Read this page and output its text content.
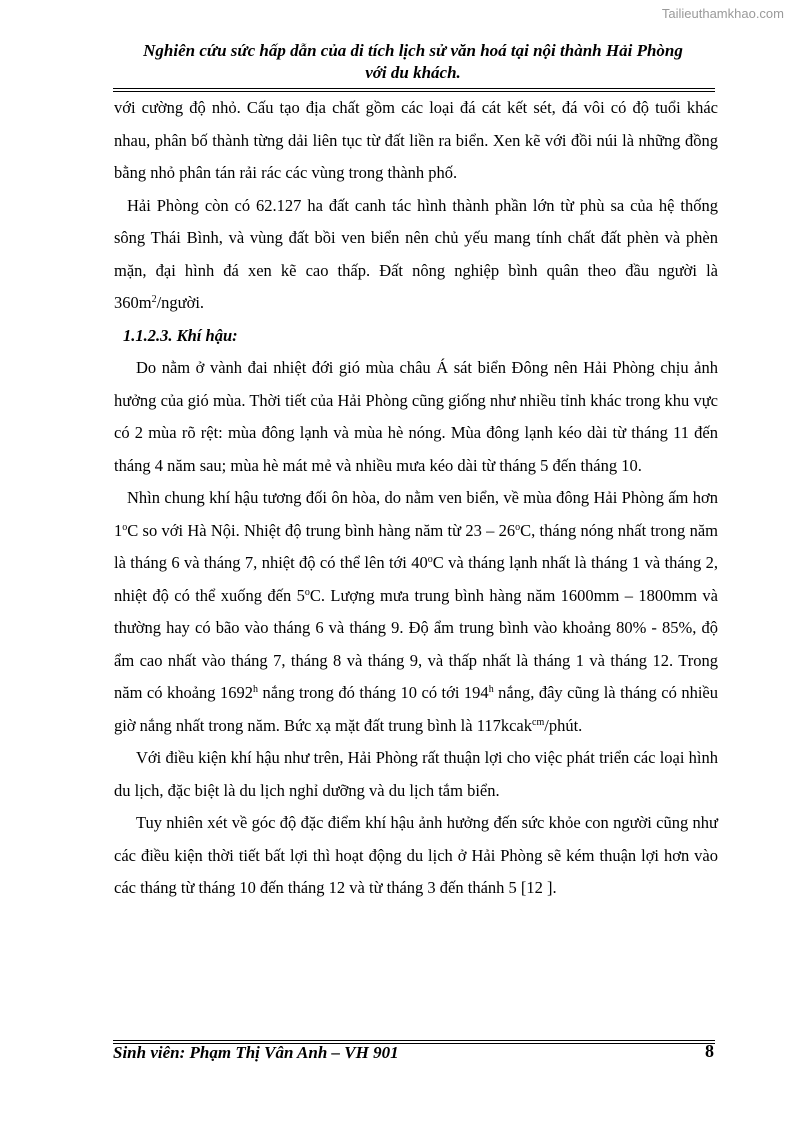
Tailieuthamkhao.com
Nghiên cứu sức hấp dẫn của di tích lịch sử văn hoá tại nội thành Hải Phòng
với du khách.

với cường độ nhỏ. Cấu tạo địa chất gồm các loại đá cát kết sét, đá vôi có độ tuổi khác nhau, phân bố thành từng dải liên tục từ đất liền ra biển. Xen kẽ với đồi núi là những đồng bằng nhỏ phân tán rải rác các vùng trong thành phố.

Hải Phòng còn có 62.127 ha đất canh tác hình thành phần lớn từ phù sa của hệ thống sông Thái Bình, và vùng đất bồi ven biển nên chủ yếu mang tính chất đất phèn và phèn mặn, đại hình đá xen kẽ cao thấp. Đất nông nghiệp bình quân theo đầu người là $360m^2$/người.

1.1.2.3. Khí hậu:

Do nằm ở vành đai nhiệt đới gió mùa châu Á sát biển Đông nên Hải Phòng chịu ảnh hưởng của gió mùa. Thời tiết của Hải Phòng cũng giống như nhiều tỉnh khác trong khu vực có 2 mùa rõ rệt: mùa đông lạnh và mùa hè nóng. Mùa đông lạnh kéo dài từ tháng 11 đến tháng 4 năm sau; mùa hè mát mẻ và nhiều mưa kéo dài từ tháng 5 đến tháng 10.

Nhìn chung khí hậu tương đối ôn hòa, do nằm ven biển, về mùa đông Hải Phòng ấm hơn 1$^o$C so với Hà Nội. Nhiệt độ trung bình hàng năm từ 23 – 26$^o$C, tháng nóng nhất trong năm là tháng 6 và tháng 7, nhiệt độ có thể lên tới 40$^o$C và tháng lạnh nhất là tháng 1 và tháng 2, nhiệt độ có thể xuống đến 5$^o$C. Lượng mưa trung bình hàng năm 1600mm – 1800mm và thường hay có bão vào tháng 6 và tháng 9. Độ ẩm trung bình vào khoảng 80% - 85%, độ ẩm cao nhất vào tháng 7, tháng 8 và tháng 9, và thấp nhất là tháng 1 và tháng 12. Trong năm có khoảng 1692$^h$ nắng trong đó tháng 10 có tới 194$^h$ nắng, đây cũng là tháng có nhiều giờ nắng nhất trong năm. Bức xạ mặt đất trung bình là 117kcak$^{cm}$/phút.

Với điều kiện khí hậu như trên, Hải Phòng rất thuận lợi cho việc phát triển các loại hình du lịch, đặc biệt là du lịch nghỉ dưỡng và du lịch tắm biển.

Tuy nhiên xét về góc độ đặc điểm khí hậu ảnh hưởng đến sức khỏe con người cũng như các điều kiện thời tiết bất lợi thì hoạt động du lịch ở Hải Phòng sẽ kém thuận lợi hơn vào các tháng từ tháng 10 đến tháng 12 và từ tháng 3 đến thánh 5 [12 ].

Sinh viên: Phạm Thị Vân Anh – VH 901	8
